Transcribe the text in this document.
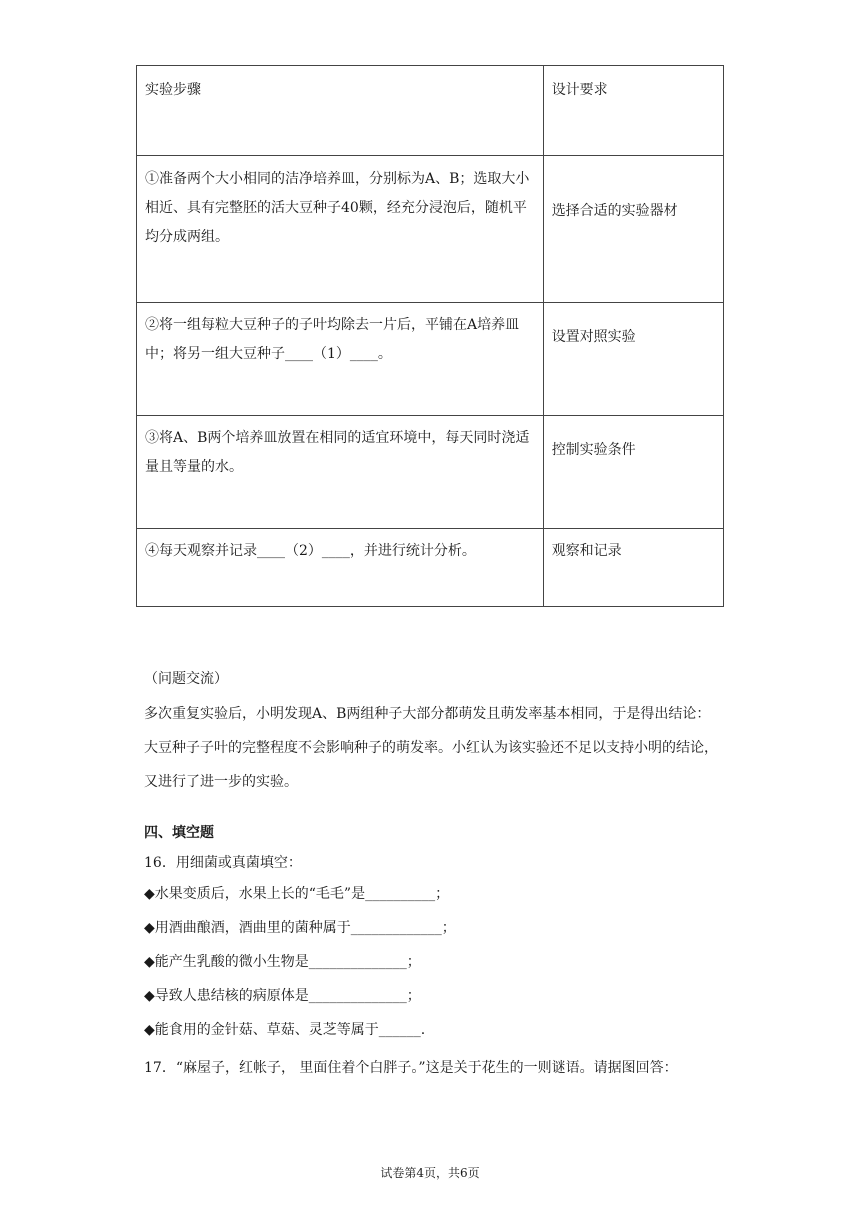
实验步骤	设计要求
①准备两个大小相同的洁净培养皿，分别标为A、B；选取大小相近、具有完整胚的活大豆种子40颗，经充分浸泡后，随机平均分成两组。	选择合适的实验器材
②将一组每粒大豆种子的子叶均除去一片后，平铺在A培养皿中；将另一组大豆种子____（1）____。	设置对照实验
③将A、B两个培养皿放置在相同的适宜环境中，每天同时浇适量且等量的水。	控制实验条件
④每天观察并记录____（2）____，并进行统计分析。	观察和记录
（问题交流）
多次重复实验后，小明发现A、B两组种子大部分都萌发且萌发率基本相同，于是得出结论：大豆种子子叶的完整程度不会影响种子的萌发率。小红认为该实验还不足以支持小明的结论，又进行了进一步的实验。
四、填空题
16．用细菌或真菌填空：
◆水果变质后，水果上长的“毛毛”是__________；
◆用酒曲酿酒，酒曲里的菌种属于_____________；
◆能产生乳酸的微小生物是______________；
◆导致人患结核的病原体是______________；
◆能食用的金针菇、草菇、灵芝等属于______.
17．“麻屋子，红帐子， 里面住着个白胖子。”这是关于花生的一则谜语。请据图回答：
试卷第4页，共6页
